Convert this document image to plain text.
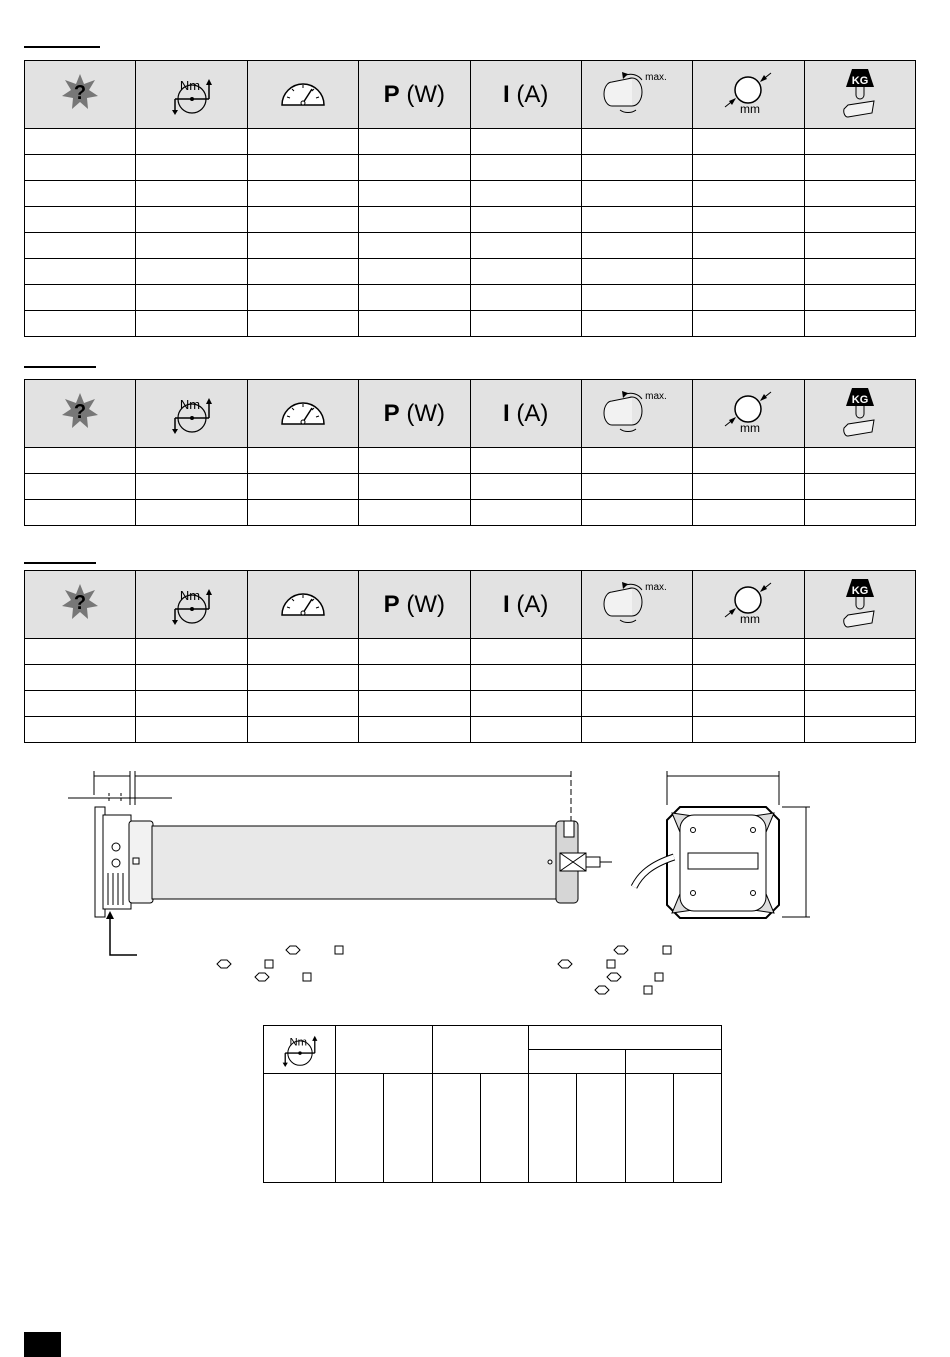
?	Nm		P (W)	I (A)	max.	mm	KG

?	Nm		P (W)	I (A)	max.	mm	KG

?	Nm		P (W)	I (A)	max.	mm	KG

Nm								
